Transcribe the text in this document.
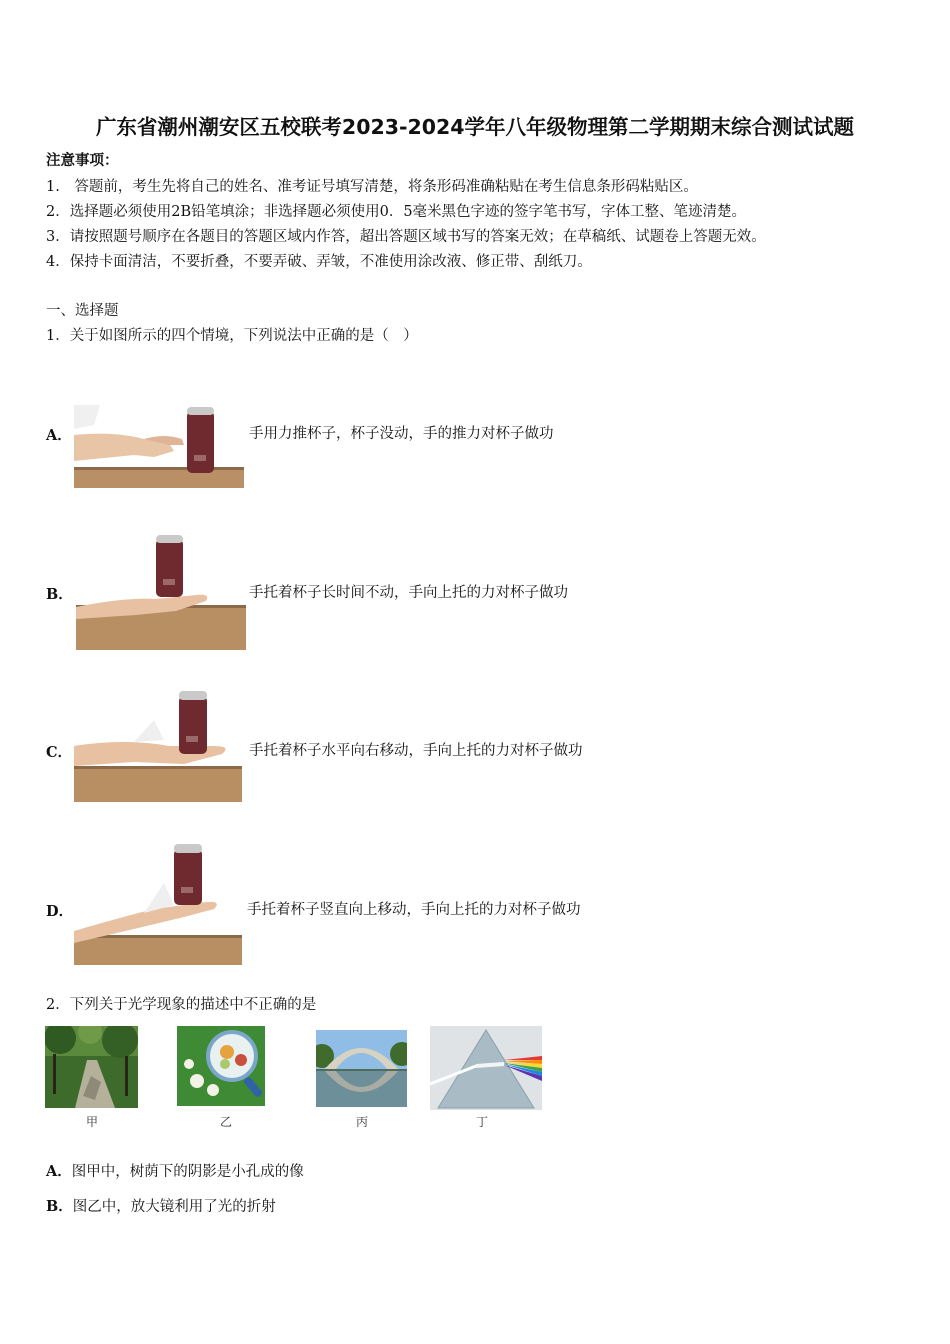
广东省潮州潮安区五校联考2023-2024学年八年级物理第二学期期末综合测试试题
注意事项：
1.　答题前，考生先将自己的姓名、准考证号填写清楚，将条形码准确粘贴在考生信息条形码粘贴区。
2．选择题必须使用2B铅笔填涂；非选择题必须使用0．5毫米黑色字迹的签字笔书写，字体工整、笔迹清楚。
3．请按照题号顺序在各题目的答题区域内作答，超出答题区域书写的答案无效；在草稿纸、试题卷上答题无效。
4．保持卡面清洁，不要折叠，不要弄破、弄皱，不准使用涂改液、修正带、刮纸刀。
一、选择题
1．关于如图所示的四个情境，下列说法中正确的是（　）
A．	手用力推杯子，杯子没动，手的推力对杯子做功
B．	手托着杯子长时间不动，手向上托的力对杯子做功
C．	手托着杯子水平向右移动，手向上托的力对杯子做功
D．	手托着杯子竖直向上移动，手向上托的力对杯子做功
2．下列关于光学现象的描述中不正确的是
甲	乙	丙	丁
A．图甲中，树荫下的阴影是小孔成的像
B．图乙中，放大镜利用了光的折射
